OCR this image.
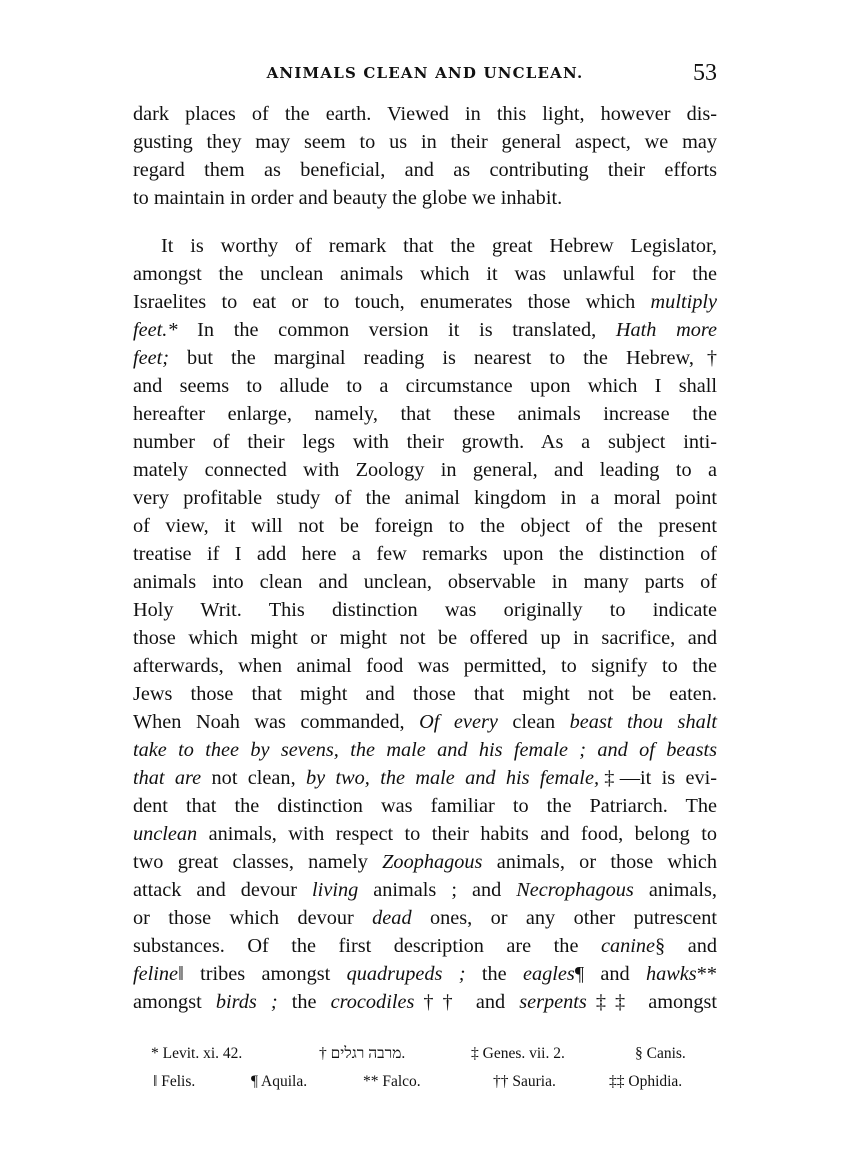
ANIMALS CLEAN AND UNCLEAN.	53
dark places of the earth. Viewed in this light, however dis-
gusting they may seem to us in their general aspect, we may
regard them as beneficial, and as contributing their efforts
to maintain in order and beauty the globe we inhabit.
It is worthy of remark that the great Hebrew Legislator,
amongst the unclean animals which it was unlawful for the
Israelites to eat or to touch, enumerates those which multiply
feet.* In the common version it is translated, Hath more
feet; but the marginal reading is nearest to the Hebrew,†
and seems to allude to a circumstance upon which I shall
hereafter enlarge, namely, that these animals increase the
number of their legs with their growth. As a subject inti-
mately connected with Zoology in general, and leading to a
very profitable study of the animal kingdom in a moral point
of view, it will not be foreign to the object of the present
treatise if I add here a few remarks upon the distinction of
animals into clean and unclean, observable in many parts of
Holy Writ. This distinction was originally to indicate
those which might or might not be offered up in sacrifice, and
afterwards, when animal food was permitted, to signify to the
Jews those that might and those that might not be eaten.
When Noah was commanded, Of every clean beast thou shalt
take to thee by sevens, the male and his female ; and of beasts
that are not clean, by two, the male and his female,‡—it is evi-
dent that the distinction was familiar to the Patriarch. The
unclean animals, with respect to their habits and food, belong to
two great classes, namely Zoophagous animals, or those which
attack and devour living animals ; and Necrophagous animals,
or those which devour dead ones, or any other putrescent
substances. Of the first description are the canine§ and
feline‖ tribes amongst quadrupeds ; the eagles¶ and hawks**
amongst birds ; the crocodiles†† and serpents‡‡ amongst
* Levit. xi. 42.	† מרבה רגלים.	‡ Genes. vii. 2.	§ Canis.
‖ Felis.	¶ Aquila.	** Falco.	†† Sauria.	‡‡ Ophidia.
